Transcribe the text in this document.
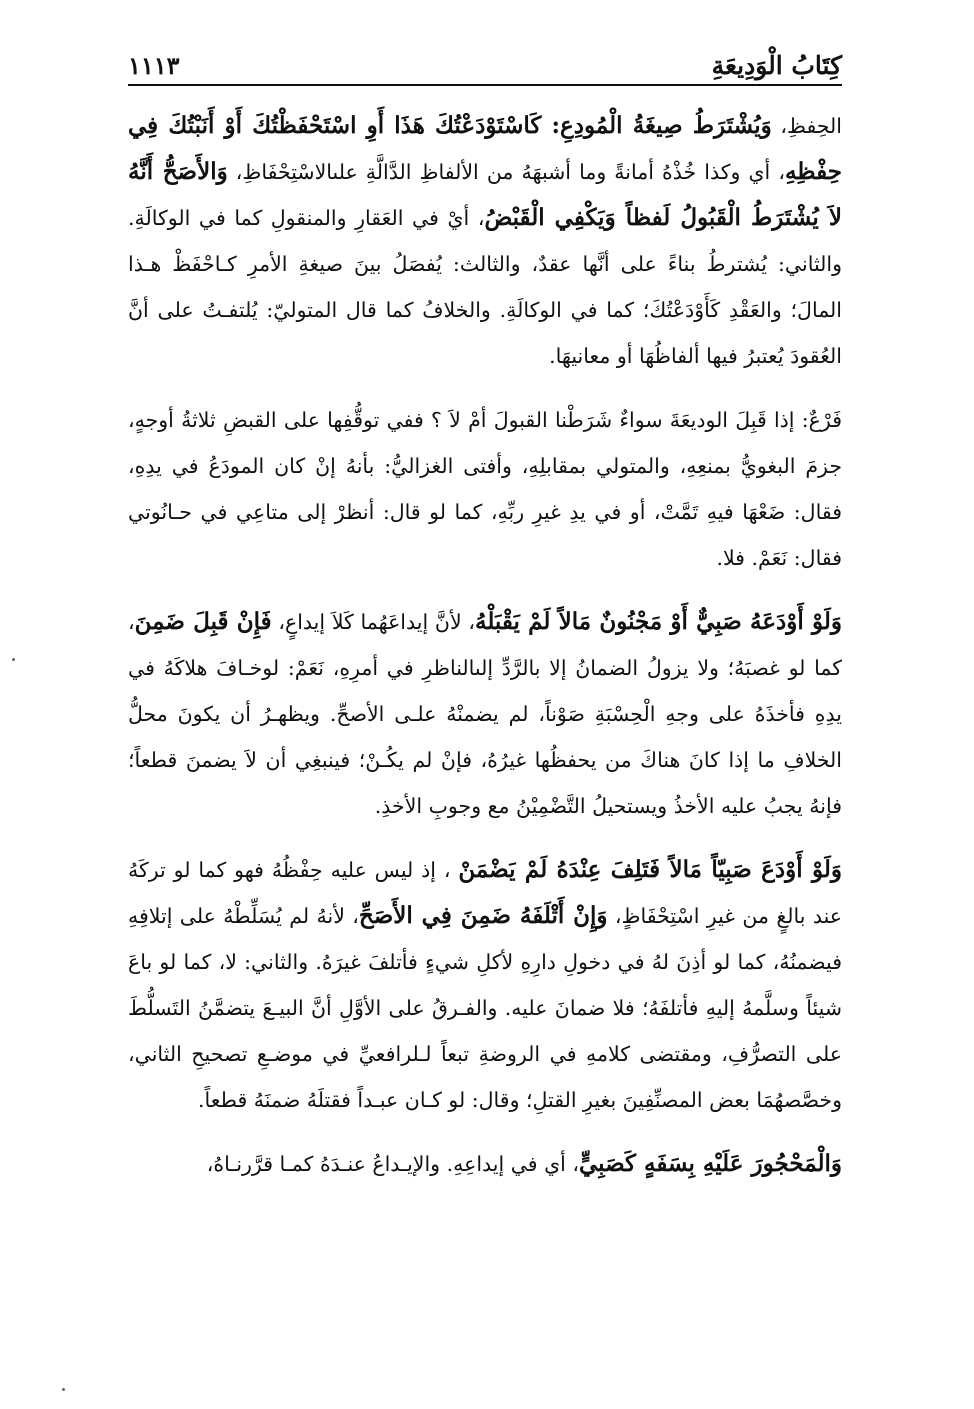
كِتَابُ الْوَدِيعَةِ
١١١٣

الحِفظِ، وَيُشْتَرَطُ صِيغَةُ الْمُودِعِ: كَاسْتَوْدَعْتُكَ هَذَا أَوِ اسْتَحْفَظْتُكَ أَوْ أَنَبْتُكَ فِي حِفْظِهِ، أي وكذا خُذْهُ أمانةً وما أشبهَهُ من الألفاظِ الدَّالَّةِ علىالاسْتِحْفَاظِ، وَالأَصَحُّ أَنَّهُ لاَ يُشْتَرَطُ الْقَبُولُ لَفظاً وَيَكْفِي الْقَبْضُ، أيْ في العَقارِ والمنقولِ كما في الوكالَةِ. والثاني: يُشترطُ بناءً على أنَّها عقدٌ، والثالث: يُفصَلُ بينَ صيغةِ الأمرِ كـاحْفَظْ هـذا المالَ؛ والعَقْدِ كَأَوْدَعْتُكَ؛ كما في الوكالَةِ. والخلافُ كما قال المتوليّ: يُلتفـتُ على أنَّ العُقودَ يُعتبرُ فيها ألفاظُهَا أو معانيهَا.

فَرْعٌ: إذا قَبِلَ الوديعَةَ سواءٌ شَرَطْنا القبولَ أمْ لاَ ؟ ففي توقُّفِها على القبضِ ثلاثةُ أوجهٍ، جزمَ البغويُّ بمنعِهِ، والمتولي بمقابلِهِ، وأفتى الغزاليُّ: بأنهُ إنْ كان المودَعُ في يدِهِ، فقال: ضَعْهَا فيهِ تَمَّتْ، أو في يدِ غيرِ ربِّهِ، كما لو قال: أنظرْ إلى متاعِي في حـانُوتي فقال: نَعَمْ. فلا.

وَلَوْ أَوْدَعَهُ صَبِيٌّ أَوْ مَجْنُونٌ مَالاً لَمْ يَقْبَلْهُ، لأنَّ إيداعَهُما كَلاَ إيداعٍ، فَإِنْ قَبِلَ ضَمِنَ، كما لو غصبَهُ؛ ولا يزولُ الضمانُ إلا بالرَّدِّ إلىالناظرِ في أمرِهِ، نَعَمْ: لوخـافَ هلاكَهُ في يدِهِ فأخذَهُ على وجهِ الْحِسْبَةِ صَوْناً، لم يضمنْهُ علـى الأصحِّ. ويظهـرُ أن يكونَ محلُّ الخلافِ ما إذا كانَ هناكَ من يحفظُها غيرُهُ، فإنْ لم يكُـنْ؛ فينبغِي أن لاَ يضمنَ قطعاً؛ فإنهُ يجبُ عليه الأخذُ ويستحيلُ التَّضْمِيْنُ مع وجوبِ الأخذِ.

وَلَوْ أَوْدَعَ صَبِيّاً مَالاً فَتَلِفَ عِنْدَهُ لَمْ يَضْمَنْ ، إذ ليس عليه حِفْظُهُ فهو كما لو تركَهُ عند بالغٍ من غيرِ اسْتِحْفَاظٍ، وَإِنْ أَتْلَفَهُ ضَمِنَ فِي الأَصَحِّ، لأنهُ لم يُسَلِّطْهُ على إتلافِهِ فيضمنُهُ، كما لو أذِنَ لهُ في دخولِ دارِهِ لأكلِ شيءٍ فأتلفَ غيرَهُ. والثاني: لا، كما لو باعَ شيئاً وسلَّمهُ إليهِ فأتلفَهُ؛ فلا ضمانَ عليه. والفـرقُ على الأوَّلِ أنَّ البيـعَ يتضمَّنُ التَسلُّطَ على التصرُّفِ، ومقتضى كلامهِ في الروضةِ تبعاً لـلرافعيِّ في موضـعِ تصحيحِ الثاني، وخصَّصهُمَا بعض المصنِّفِينَ بغيرِ القتلِ؛ وقال: لو كـان عبـداً فقتلَهُ ضمنَهُ قطعاً.

وَالْمَحْجُورَ عَلَيْهِ بِسَفَهٍ كَصَبِيٍّ، أي في إيداعِهِ. والإيـداعُ عنـدَهُ كمـا قرَّرنـاهُ،
